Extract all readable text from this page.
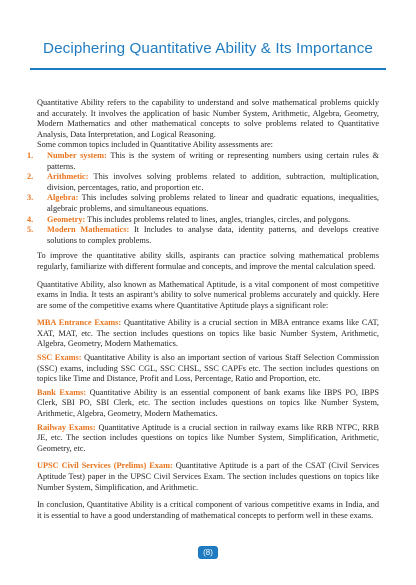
Deciphering Quantitative Ability & Its Importance

Quantitative Ability refers to the capability to understand and solve mathematical problems quickly and accurately. It involves the application of basic Number System, Arithmetic, Algebra, Geometry, Modern Mathematics and other mathematical concepts to solve problems related to Quantitative Analysis, Data Interpretation, and Logical Reasoning.

Some common topics included in Quantitative Ability assessments are:

1. Number system: This is the system of writing or representing numbers using certain rules & patterns.
2. Arithmetic: This involves solving problems related to addition, subtraction, multiplication, division, percentages, ratio, and proportion etc.
3. Algebra: This includes solving problems related to linear and quadratic equations, inequalities, algebraic problems, and simultaneous equations.
4. Geometry: This includes problems related to lines, angles, triangles, circles, and polygons.
5. Modern Mathematics: It Includes to analyse data, identity patterns, and develops creative solutions to complex problems.

To improve the quantitative ability skills, aspirants can practice solving mathematical problems regularly, familiarize with different formulae and concepts, and improve the mental calculation speed.

Quantitative Ability, also known as Mathematical Aptitude, is a vital component of most competitive exams in India. It tests an aspirant’s ability to solve numerical problems accurately and quickly. Here are some of the competitive exams where Quantitative Aptitude plays a significant role:

MBA Entrance Exams: Quantitative Ability is a crucial section in MBA entrance exams like CAT, XAT, MAT, etc. The section includes questions on topics like basic Number System, Arithmetic, Algebra, Geometry, Modern Mathematics.

SSC Exams: Quantitative Ability is also an important section of various Staff Selection Commission (SSC) exams, including SSC CGL, SSC CHSL, SSC CAPFs etc. The section includes questions on topics like Time and Distance, Profit and Loss, Percentage, Ratio and Proportion, etc.

Bank Exams: Quantitative Ability is an essential component of bank exams like IBPS PO, IBPS Clerk, SBI PO, SBI Clerk, etc. The section includes questions on topics like Number System, Arithmetic, Algebra, Geometry, Modern Mathematics.

Railway Exams: Quantitative Aptitude is a crucial section in railway exams like RRB NTPC, RRB JE, etc. The section includes questions on topics like Number System, Simplification, Arithmetic, Geometry, etc.

UPSC Civil Services (Prelims) Exam: Quantitative Aptitude is a part of the CSAT (Civil Services Aptitude Test) paper in the UPSC Civil Services Exam. The section includes questions on topics like Number System, Simplification, and Arithmetic.

In conclusion, Quantitative Ability is a critical component of various competitive exams in India, and it is essential to have a good understanding of mathematical concepts to perform well in these exams.

(8)
